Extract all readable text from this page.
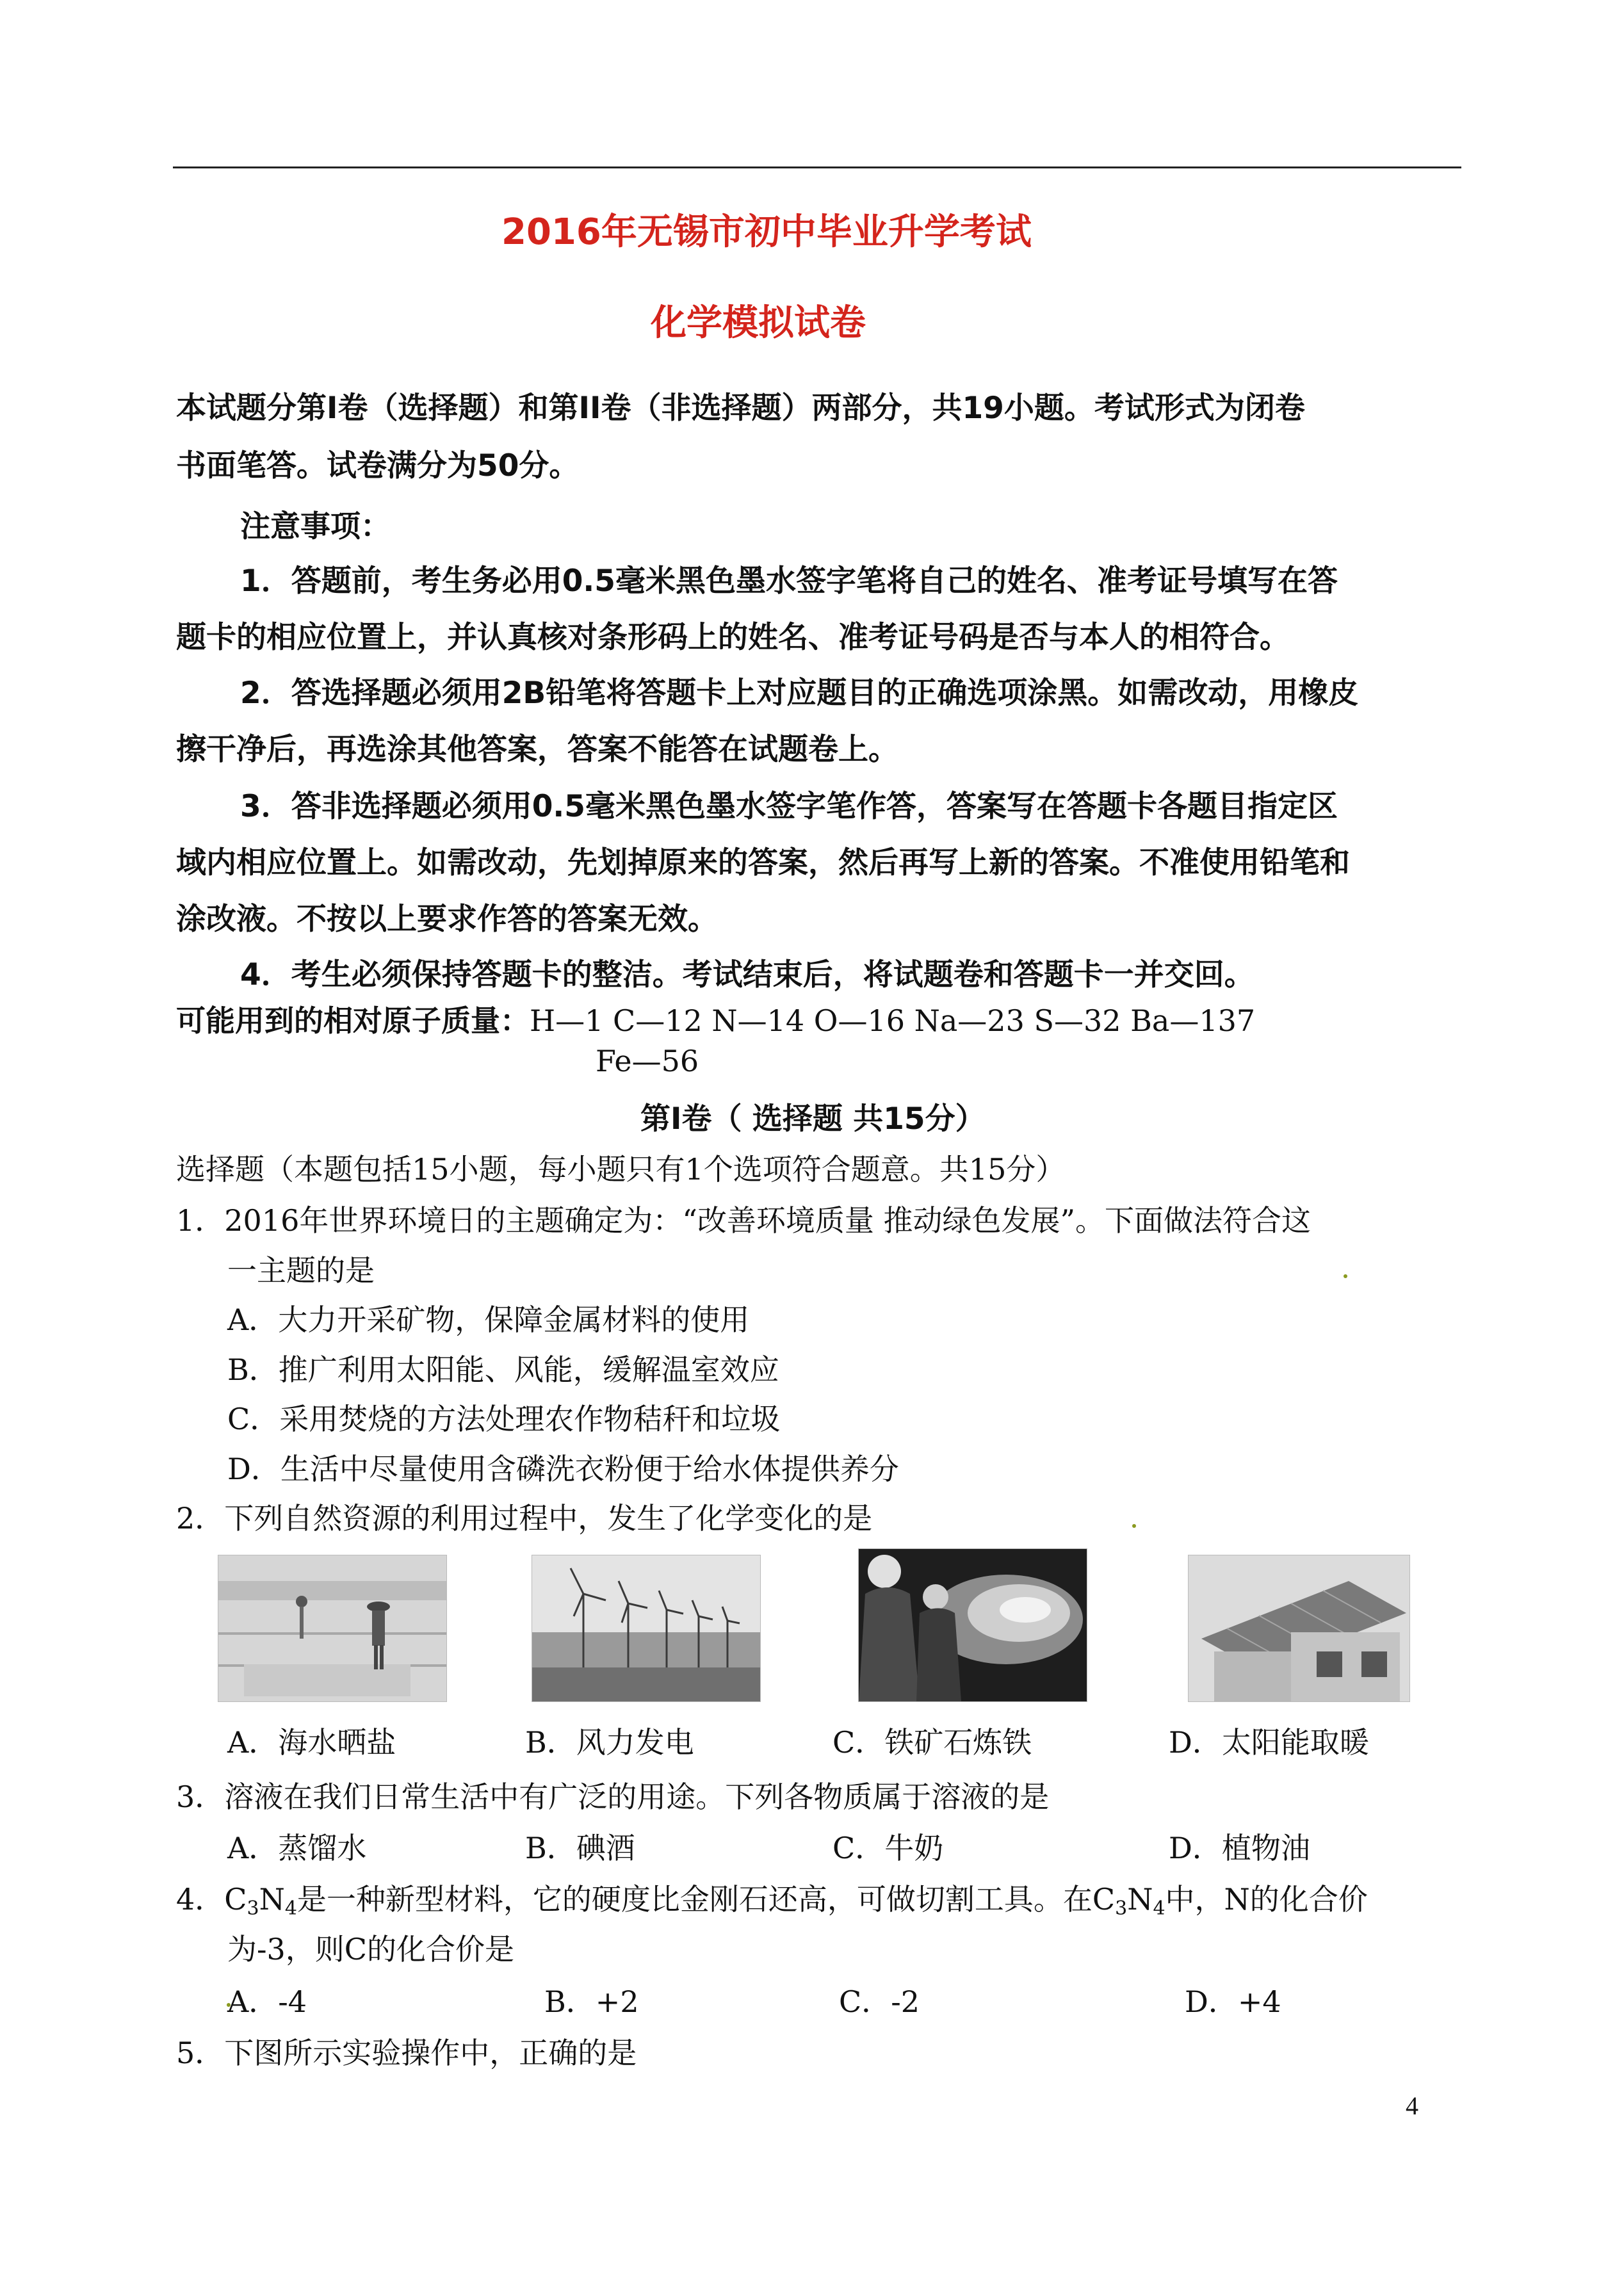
2016年无锡市初中毕业升学考试
化学模拟试卷
本试题分第Ⅰ卷（选择题）和第II卷（非选择题）两部分，共19小题。考试形式为闭卷
书面笔答。试卷满分为50分。
注意事项：
1．答题前，考生务必用0.5毫米黑色墨水签字笔将自己的姓名、准考证号填写在答
题卡的相应位置上，并认真核对条形码上的姓名、准考证号码是否与本人的相符合。
2．答选择题必须用2B铅笔将答题卡上对应题目的正确选项涂黑。如需改动，用橡皮
擦干净后，再选涂其他答案，答案不能答在试题卷上。
3．答非选择题必须用0.5毫米黑色墨水签字笔作答，答案写在答题卡各题目指定区
域内相应位置上。如需改动，先划掉原来的答案，然后再写上新的答案。不准使用铅笔和
涂改液。不按以上要求作答的答案无效。
4．考生必须保持答题卡的整洁。考试结束后，将试题卷和答题卡一并交回。
可能用到的相对原子质量：H—1 C—12 N—14 O—16 Na—23 S—32 Ba—137
Fe—56
第Ⅰ卷（ 选择题 共15分）
选择题（本题包括15小题，每小题只有1个选项符合题意。共15分）
1．2016年世界环境日的主题确定为：“改善环境质量 推动绿色发展”。下面做法符合这
一主题的是
A．大力开采矿物，保障金属材料的使用
B．推广利用太阳能、风能，缓解温室效应
C．采用焚烧的方法处理农作物秸秆和垃圾
D．生活中尽量使用含磷洗衣粉便于给水体提供养分
2．下列自然资源的利用过程中，发生了化学变化的是
A．海水晒盐	B．风力发电	C．铁矿石炼铁	D．太阳能取暖
3．溶液在我们日常生活中有广泛的用途。下列各物质属于溶液的是
A．蒸馏水	B．碘酒	C．牛奶	D．植物油
4．$C_3N_4$是一种新型材料，它的硬度比金刚石还高，可做切割工具。在$C_3N_4$中，N的化合价
为-3，则C的化合价是
A．-4	B．+2	C．-2	D．+4
5．下图所示实验操作中，正确的是
4
